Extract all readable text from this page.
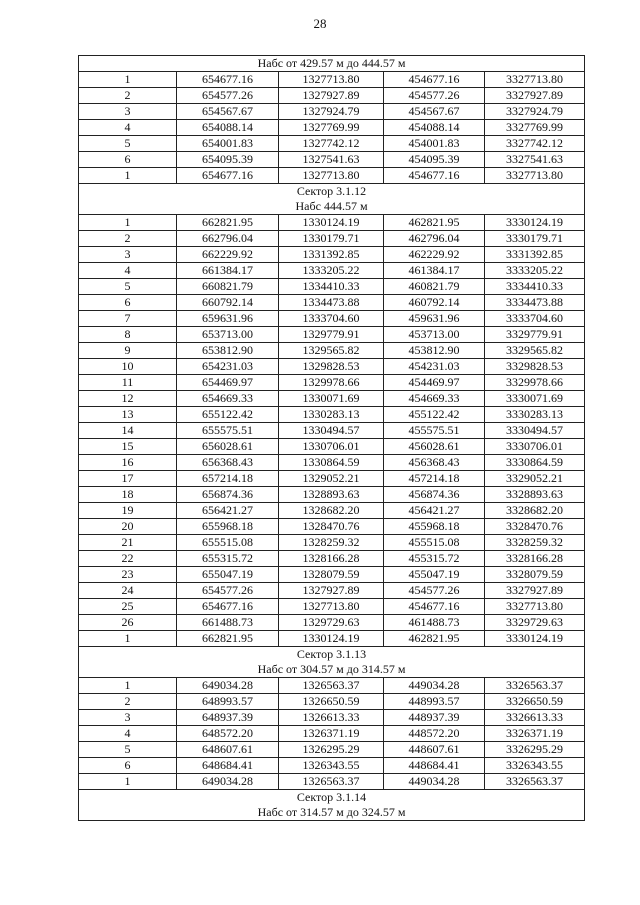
28
Набс от 429.57 м до 444.57 м				

1	654677.16	1327713.80	454677.16	3327713.80
2	654577.26	1327927.89	454577.26	3327927.89
3	654567.67	1327924.79	454567.67	3327924.79
4	654088.14	1327769.99	454088.14	3327769.99
5	654001.83	1327742.12	454001.83	3327742.12
6	654095.39	1327541.63	454095.39	3327541.63
1	654677.16	1327713.80	454677.16	3327713.80

Сектор 3.1.12
Набс 444.57 м				

1	662821.95	1330124.19	462821.95	3330124.19
2	662796.04	1330179.71	462796.04	3330179.71
3	662229.92	1331392.85	462229.92	3331392.85
4	661384.17	1333205.22	461384.17	3333205.22
5	660821.79	1334410.33	460821.79	3334410.33
6	660792.14	1334473.88	460792.14	3334473.88
7	659631.96	1333704.60	459631.96	3333704.60
8	653713.00	1329779.91	453713.00	3329779.91
9	653812.90	1329565.82	453812.90	3329565.82
10	654231.03	1329828.53	454231.03	3329828.53
11	654469.97	1329978.66	454469.97	3329978.66
12	654669.33	1330071.69	454669.33	3330071.69
13	655122.42	1330283.13	455122.42	3330283.13
14	655575.51	1330494.57	455575.51	3330494.57
15	656028.61	1330706.01	456028.61	3330706.01
16	656368.43	1330864.59	456368.43	3330864.59
17	657214.18	1329052.21	457214.18	3329052.21
18	656874.36	1328893.63	456874.36	3328893.63
19	656421.27	1328682.20	456421.27	3328682.20
20	655968.18	1328470.76	455968.18	3328470.76
21	655515.08	1328259.32	455515.08	3328259.32
22	655315.72	1328166.28	455315.72	3328166.28
23	655047.19	1328079.59	455047.19	3328079.59
24	654577.26	1327927.89	454577.26	3327927.89
25	654677.16	1327713.80	454677.16	3327713.80
26	661488.73	1329729.63	461488.73	3329729.63
1	662821.95	1330124.19	462821.95	3330124.19

Сектор 3.1.13
Набс от 304.57 м до 314.57 м				

1	649034.28	1326563.37	449034.28	3326563.37
2	648993.57	1326650.59	448993.57	3326650.59
3	648937.39	1326613.33	448937.39	3326613.33
4	648572.20	1326371.19	448572.20	3326371.19
5	648607.61	1326295.29	448607.61	3326295.29
6	648684.41	1326343.55	448684.41	3326343.55
1	649034.28	1326563.37	449034.28	3326563.37

Сектор 3.1.14
Набс от 314.57 м до 324.57 м				
